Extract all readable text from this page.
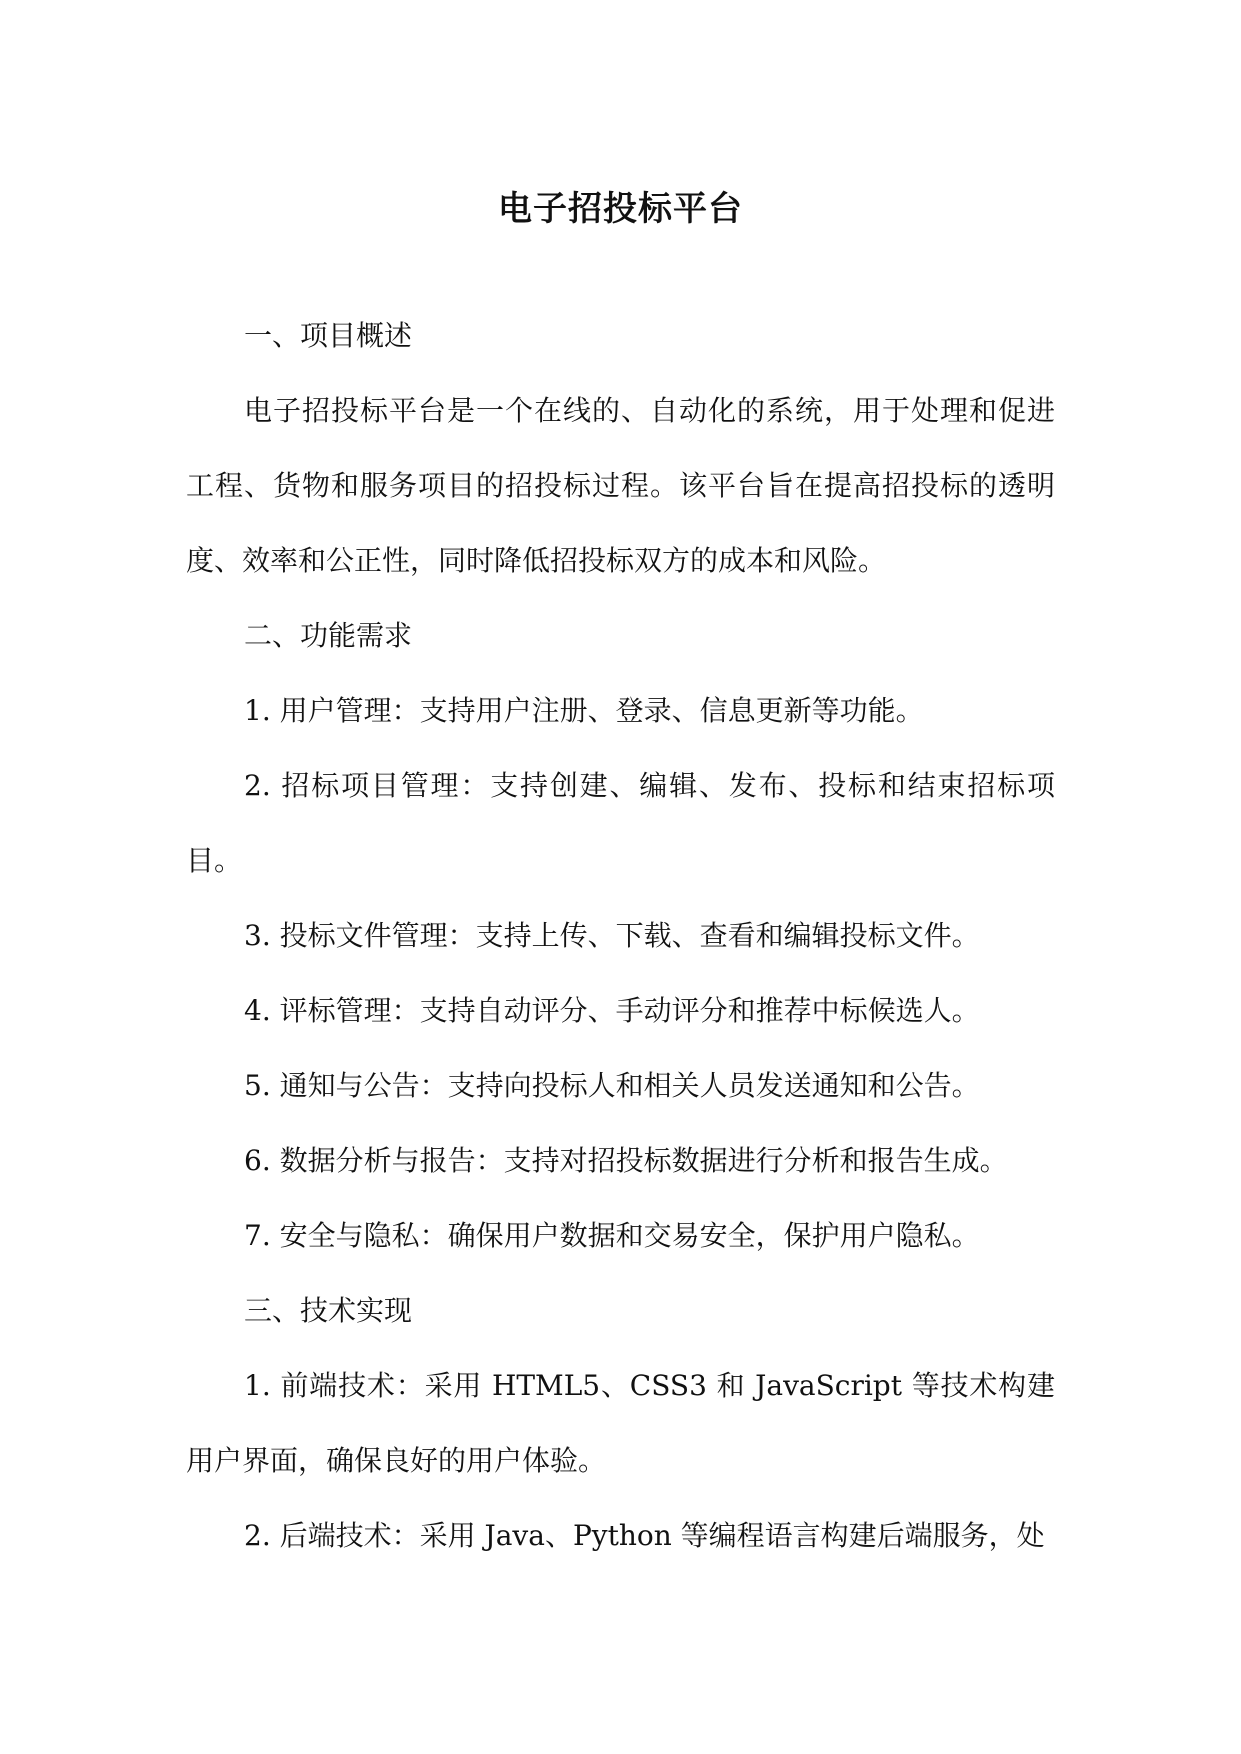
电子招投标平台

一、项目概述

电子招投标平台是一个在线的、自动化的系统，用于处理和促进工程、货物和服务项目的招投标过程。该平台旨在提高招投标的透明度、效率和公正性，同时降低招投标双方的成本和风险。

二、功能需求

1. 用户管理：支持用户注册、登录、信息更新等功能。

2. 招标项目管理：支持创建、编辑、发布、投标和结束招标项目。

3. 投标文件管理：支持上传、下载、查看和编辑投标文件。

4. 评标管理：支持自动评分、手动评分和推荐中标候选人。

5. 通知与公告：支持向投标人和相关人员发送通知和公告。

6. 数据分析与报告：支持对招投标数据进行分析和报告生成。

7. 安全与隐私：确保用户数据和交易安全，保护用户隐私。

三、技术实现

1. 前端技术：采用 HTML5、CSS3 和 JavaScript 等技术构建用户界面，确保良好的用户体验。

2. 后端技术：采用 Java、Python 等编程语言构建后端服务，处
